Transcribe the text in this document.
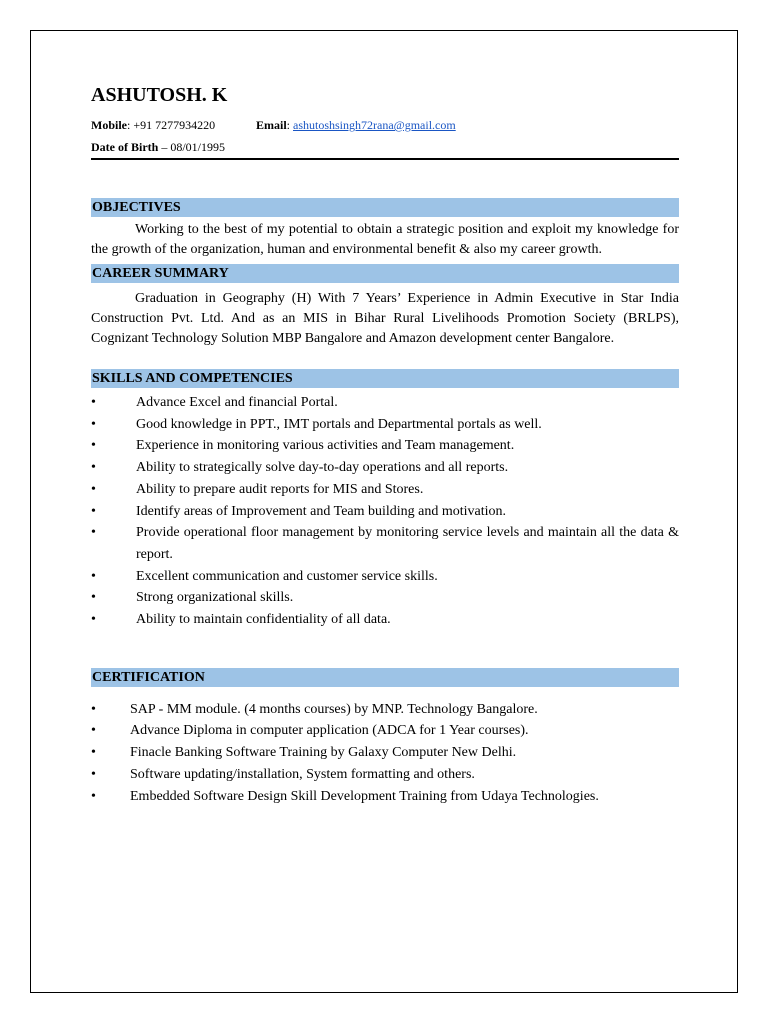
ASHUTOSH. K
Mobile: +91 7277934220	Email: ashutoshsingh72rana@gmail.com
Date of Birth – 08/01/1995
OBJECTIVES

Working to the best of my potential to obtain a strategic position and exploit my knowledge for the growth of the organization, human and environmental benefit & also my career growth.

CAREER SUMMARY

Graduation in Geography (H) With 7 Years’ Experience in Admin Executive in Star India Construction Pvt. Ltd. And as an MIS in Bihar Rural Livelihoods Promotion Society (BRLPS), Cognizant Technology Solution MBP Bangalore and Amazon development center Bangalore.

SKILLS AND COMPETENCIES
•	Advance Excel and financial Portal.
•	Good knowledge in PPT., IMT portals and Departmental portals as well.
•	Experience in monitoring various activities and Team management.
•	Ability to strategically solve day-to-day operations and all reports.
•	Ability to prepare audit reports for MIS and Stores.
•	Identify areas of Improvement and Team building and motivation.
•	Provide operational floor management by monitoring service levels and maintain all the data & report.
•	Excellent communication and customer service skills.
•	Strong organizational skills.
•	Ability to maintain confidentiality of all data.
CERTIFICATION
• SAP - MM module. (4 months courses) by MNP. Technology Bangalore.
• Advance Diploma in computer application (ADCA for 1 Year courses).
• Finacle Banking Software Training by Galaxy Computer New Delhi.
• Software updating/installation, System formatting and others.
• Embedded Software Design Skill Development Training from Udaya Technologies.
